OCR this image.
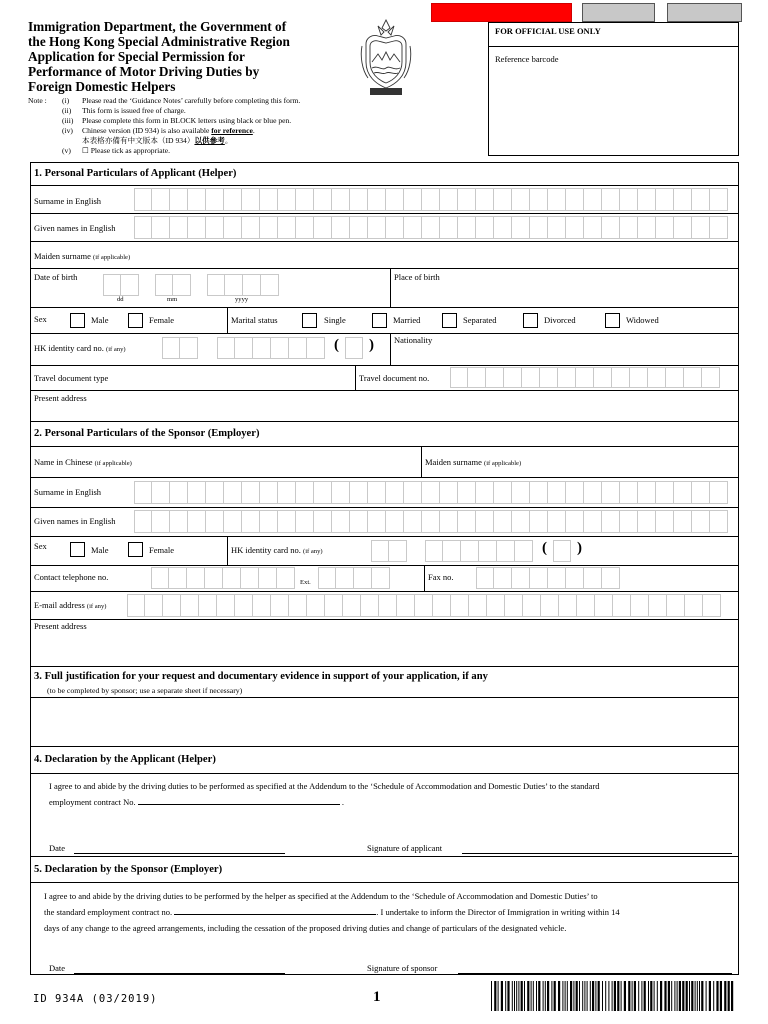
Immigration Department, the Government of
the Hong Kong Special Administrative Region
Application for Special Permission for
Performance of Motor Driving Duties by
Foreign Domestic Helpers
Note :	(i)	Please read the ‘Guidance Notes’ carefully before completing this form.
(ii)	This form is issued free of charge.
(iii)	Please complete this form in BLOCK letters using black or blue pen.
(iv)	Chinese version (ID 934) is also available for reference.
本表格亦備有中文版本（ID 934）以供參考。
(v)	☐ Please tick as appropriate.
FOR OFFICIAL USE ONLY
Reference barcode
1. Personal Particulars of Applicant (Helper)
Surname in English
Given names in English
Maiden surname (if applicable)
Date of birth
dd	mm	yyyy
Place of birth
Sex	Male	Female	Marital status	Single	Married	Separated	Divorced	Widowed
HK identity card no. (if any)	( ) Nationality
Travel document type	Travel document no.
Present address
2. Personal Particulars of the Sponsor (Employer)
Name in Chinese (if applicable)	Maiden surname (if applicable)
Surname in English
Given names in English
Sex	Male	Female	HK identity card no. (if any)	( )
Contact telephone no.
Ext.
Fax no.
E-mail address (if any)
Present address
3. Full justification for your request and documentary evidence in support of your application, if any
(to be completed by sponsor; use a separate sheet if necessary)
4. Declaration by the Applicant (Helper)
I agree to and abide by the driving duties to be performed as specified at the Addendum to the ‘Schedule of Accommodation and Domestic Duties’ to the standard
employment contract No.	.
Date	Signature of applicant
5. Declaration by the Sponsor (Employer)
I agree to and abide by the driving duties to be performed by the helper as specified at the Addendum to the ‘Schedule of Accommodation and Domestic Duties’ to
the standard employment contract no.	. I undertake to inform the Director of Immigration in writing within 14
days of any change to the agreed arrangements, including the cessation of the proposed driving duties and change of particulars of the designated vehicle.
Date	Signature of sponsor
ID 934A (03/2019)	1
